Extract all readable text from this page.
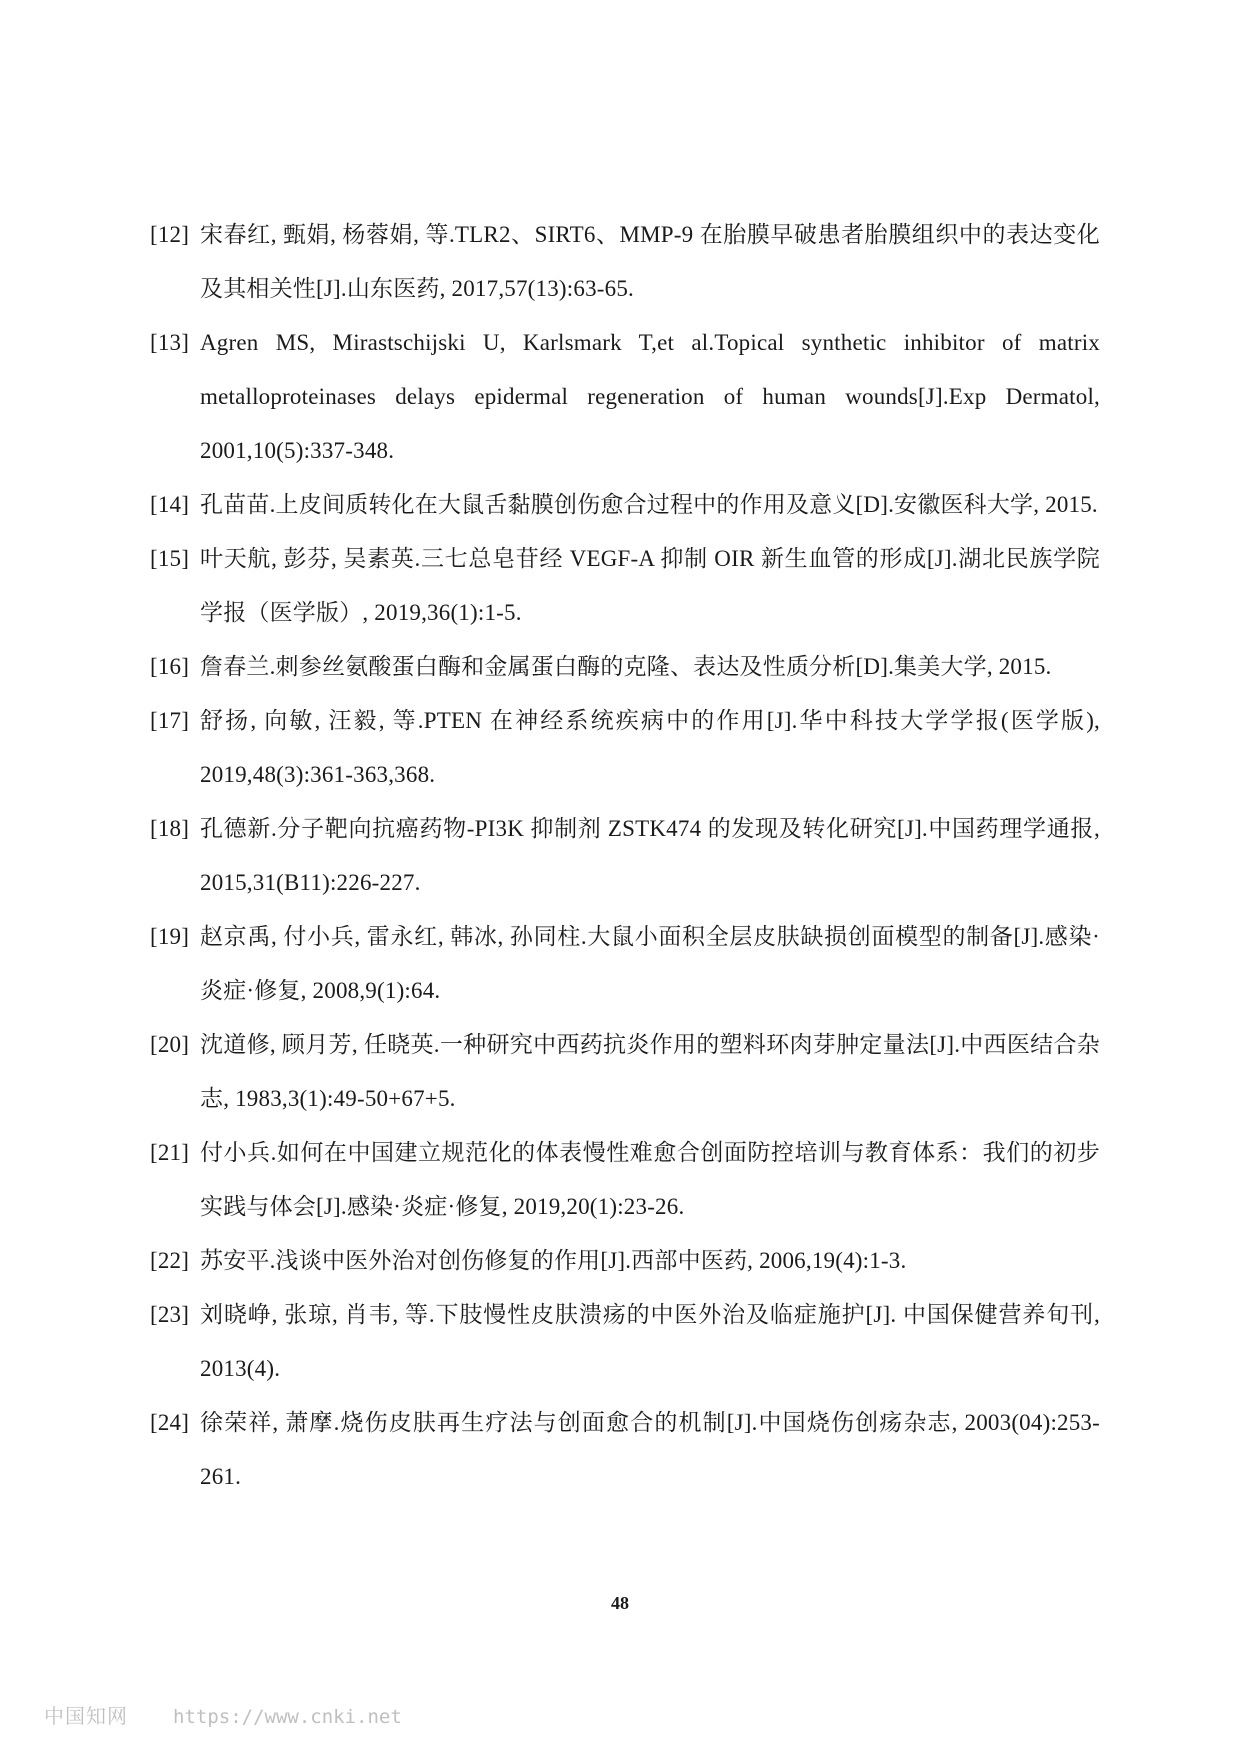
[12] 宋春红, 甄娟, 杨蓉娟, 等.TLR2、SIRT6、MMP-9 在胎膜早破患者胎膜组织中的表达变化及其相关性[J].山东医药, 2017,57(13):63-65.
[13] Agren MS, Mirastschijski U, Karlsmark T,et al.Topical synthetic inhibitor of matrix metalloproteinases delays epidermal regeneration of human wounds[J].Exp Dermatol, 2001,10(5):337-348.
[14] 孔苗苗.上皮间质转化在大鼠舌黏膜创伤愈合过程中的作用及意义[D].安徽医科大学, 2015.
[15] 叶天航, 彭芬, 吴素英.三七总皂苷经 VEGF-A 抑制 OIR 新生血管的形成[J].湖北民族学院学报（医学版）, 2019,36(1):1-5.
[16] 詹春兰.刺参丝氨酸蛋白酶和金属蛋白酶的克隆、表达及性质分析[D].集美大学, 2015.
[17] 舒扬, 向敏, 汪毅, 等.PTEN 在神经系统疾病中的作用[J].华中科技大学学报(医学版), 2019,48(3):361-363,368.
[18] 孔德新.分子靶向抗癌药物-PI3K 抑制剂 ZSTK474 的发现及转化研究[J].中国药理学通报, 2015,31(B11):226-227.
[19] 赵京禹, 付小兵, 雷永红, 韩冰, 孙同柱.大鼠小面积全层皮肤缺损创面模型的制备[J].感染·炎症·修复, 2008,9(1):64.
[20] 沈道修, 顾月芳, 任晓英.一种研究中西药抗炎作用的塑料环肉芽肿定量法[J].中西医结合杂志, 1983,3(1):49-50+67+5.
[21] 付小兵.如何在中国建立规范化的体表慢性难愈合创面防控培训与教育体系：我们的初步实践与体会[J].感染·炎症·修复, 2019,20(1):23-26.
[22] 苏安平.浅谈中医外治对创伤修复的作用[J].西部中医药, 2006,19(4):1-3.
[23] 刘晓峥, 张琼, 肖韦, 等.下肢慢性皮肤溃疡的中医外治及临症施护[J]. 中国保健营养旬刊, 2013(4).
[24] 徐荣祥, 萧摩.烧伤皮肤再生疗法与创面愈合的机制[J].中国烧伤创疡杂志, 2003(04):253-261.
48
中国知网 https://www.cnki.net
